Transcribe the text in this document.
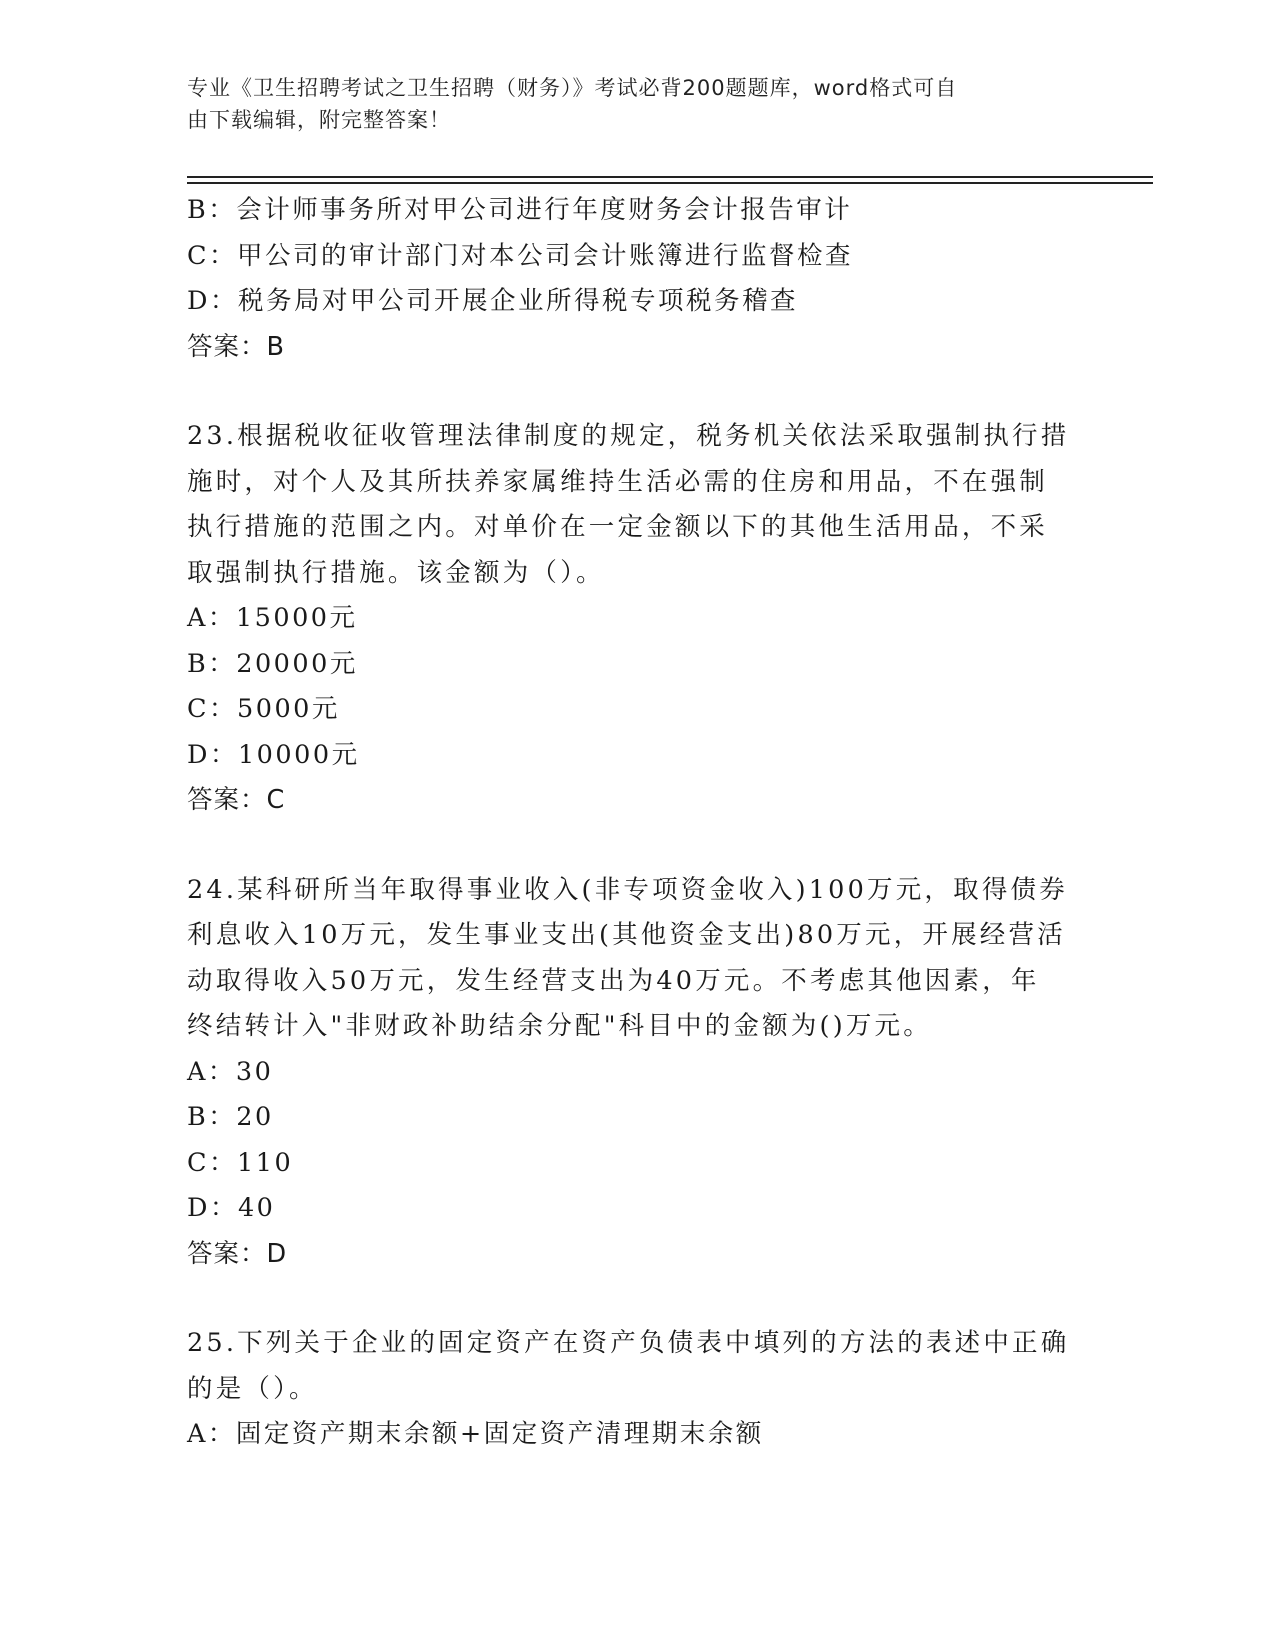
专业《卫生招聘考试之卫生招聘（财务）》考试必背200题题库，word格式可自
由下载编辑，附完整答案！
B：会计师事务所对甲公司进行年度财务会计报告审计
C：甲公司的审计部门对本公司会计账簿进行监督检查
D：税务局对甲公司开展企业所得税专项税务稽查
答案：B
23.根据税收征收管理法律制度的规定，税务机关依法采取强制执行措
施时，对个人及其所扶养家属维持生活必需的住房和用品，不在强制
执行措施的范围之内。对单价在一定金额以下的其他生活用品，不采
取强制执行措施。该金额为（）。
A：15000元
B：20000元
C：5000元
D：10000元
答案：C
24.某科研所当年取得事业收入(非专项资金收入)100万元，取得债券
利息收入10万元，发生事业支出(其他资金支出)80万元，开展经营活
动取得收入50万元，发生经营支出为40万元。不考虑其他因素，年
终结转计入"非财政补助结余分配"科目中的金额为()万元。
A：30
B：20
C：110
D：40
答案：D
25.下列关于企业的固定资产在资产负债表中填列的方法的表述中正确
的是（）。
A：固定资产期末余额+固定资产清理期末余额
